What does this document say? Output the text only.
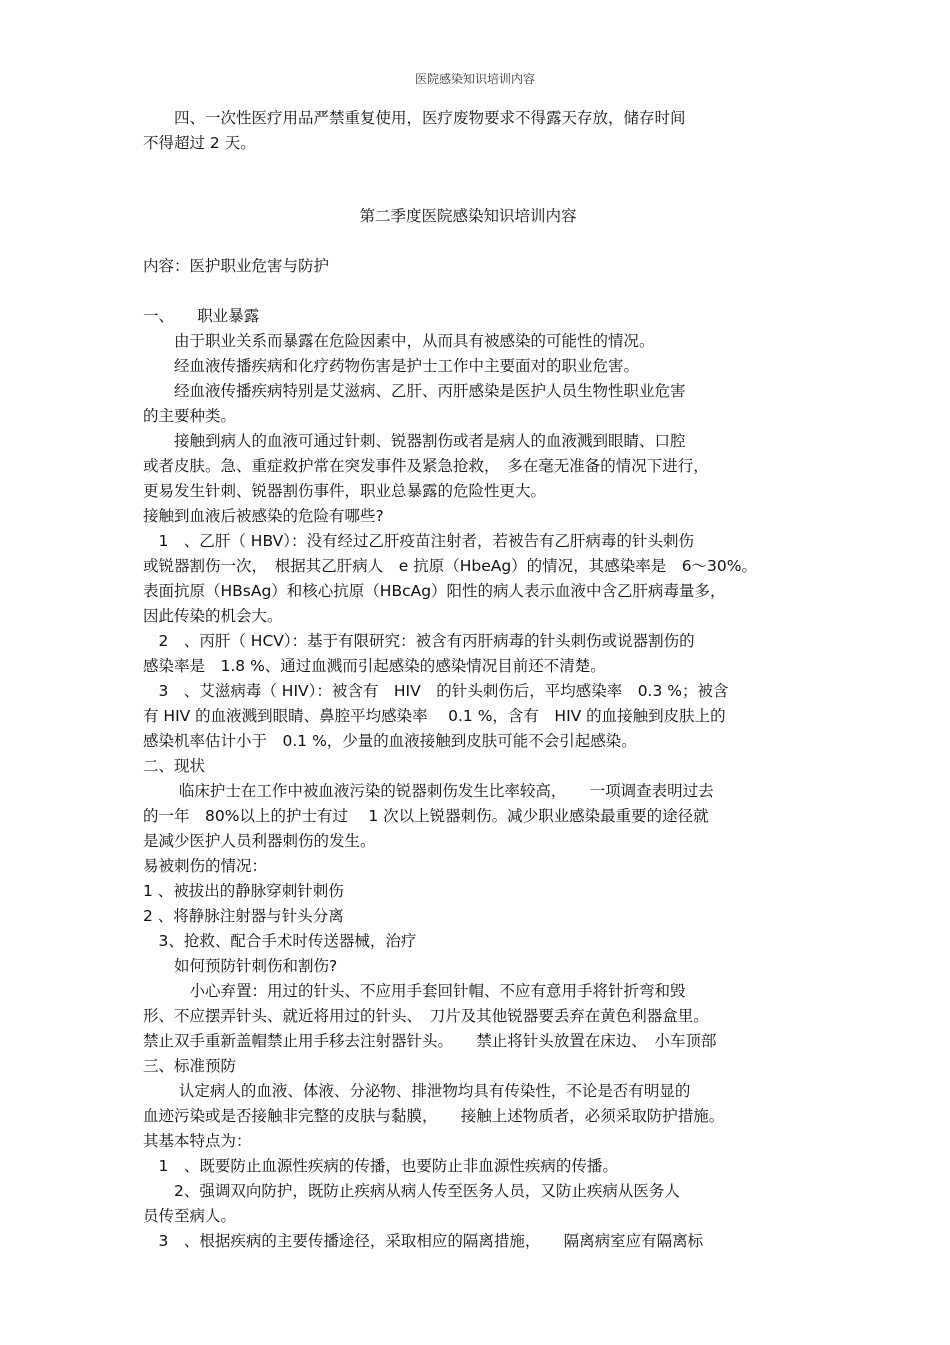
医院感染知识培训内容
　　四、一次性医疗用品严禁重复使用，医疗废物要求不得露天存放，储存时间
不得超过 2 天。
第二季度医院感染知识培训内容
内容：医护职业危害与防护
一、　　职业暴露
　　由于职业关系而暴露在危险因素中，从而具有被感染的可能性的情况。
　　经血液传播疾病和化疗药物伤害是护士工作中主要面对的职业危害。
　　经血液传播疾病特别是艾滋病、乙肝、丙肝感染是医护人员生物性职业危害
的主要种类。
　　接触到病人的血液可通过针刺、锐器割伤或者是病人的血液溅到眼睛、口腔
或者皮肤。急、重症救护常在突发事件及紧急抢救，　多在毫无准备的情况下进行，
更易发生针刺、锐器割伤事件，职业总暴露的危险性更大。
接触到血液后被感染的危险有哪些?
　1　、乙肝（ HBV）：没有经过乙肝疫苗注射者，若被告有乙肝病毒的针头刺伤
或锐器割伤一次，　根据其乙肝病人　e 抗原（HbeAg）的情况，其感染率是　6～30%。
表面抗原（HBsAg）和核心抗原（HBcAg）阳性的病人表示血液中含乙肝病毒量多，
因此传染的机会大。
　2　、丙肝（ HCV）：基于有限研究：被含有丙肝病毒的针头刺伤或说器割伤的
感染率是　1.8 %、通过血溅而引起感染的感染情况目前还不清楚。
　3　、艾滋病毒（ HIV）：被含有　HIV　的针头刺伤后，平均感染率　0.3 %；被含
有 HIV 的血液溅到眼睛、鼻腔平均感染率　 0.1 %，含有　HIV 的血接触到皮肤上的
感染机率估计小于　0.1 %，少量的血液接触到皮肤可能不会引起感染。
二、现状
　　 临床护士在工作中被血液污染的锐器刺伤发生比率较高，　　一项调查表明过去
的一年　80%以上的护士有过　 1 次以上锐器刺伤。减少职业感染最重要的途径就
是减少医护人员利器刺伤的发生。
易被刺伤的情况：
1 、被拔出的静脉穿刺针刺伤
2 、将静脉注射器与针头分离
　3、抢救、配合手术时传送器械，治疗
　　如何预防针刺伤和割伤?
　　　小心弃置：用过的针头、不应用手套回针帽、不应有意用手将针折弯和毁
形、不应摆弄针头、就近将用过的针头、　刀片及其他锐器要丢弃在黄色利器盒里。
禁止双手重新盖帽禁止用手移去注射器针头。　　禁止将针头放置在床边、　小车顶部
三、标准预防
　　 认定病人的血液、体液、分泌物、排泄物均具有传染性，不论是否有明显的
血迹污染或是否接触非完整的皮肤与黏膜，　　接触上述物质者，必须采取防护措施。
其基本特点为：
　1　、既要防止血源性疾病的传播，也要防止非血源性疾病的传播。
　　2、强调双向防护，既防止疾病从病人传至医务人员，又防止疾病从医务人
员传至病人。
　3　、根据疾病的主要传播途径，采取相应的隔离措施，　　隔离病室应有隔离标
